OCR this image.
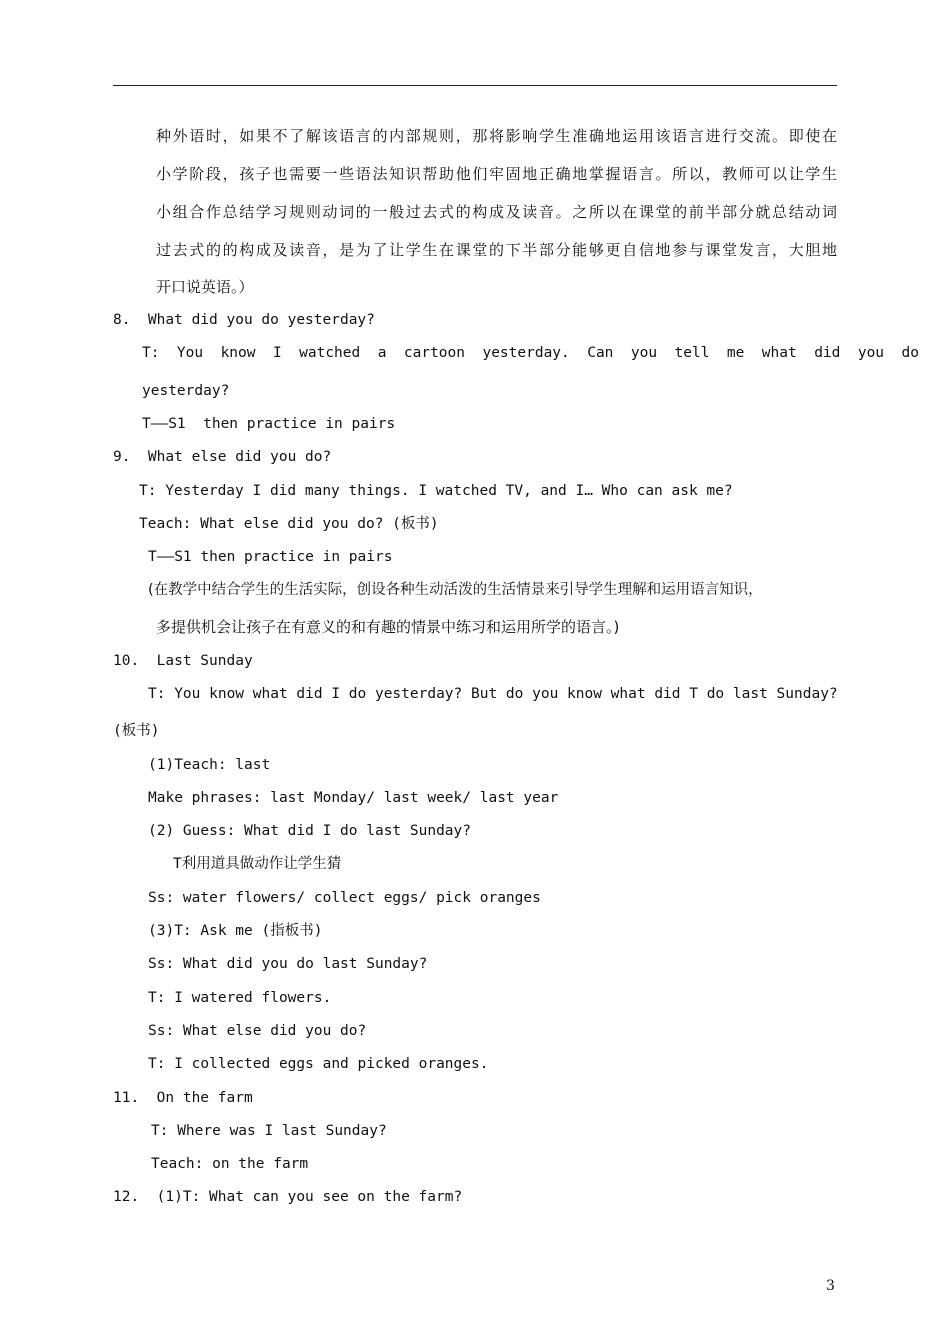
种外语时，如果不了解该语言的内部规则，那将影响学生准确地运用该语言进行交流。即使在
小学阶段，孩子也需要一些语法知识帮助他们牢固地正确地掌握语言。所以，教师可以让学生
小组合作总结学习规则动词的一般过去式的构成及读音。之所以在课堂的前半部分就总结动词
过去式的的构成及读音，是为了让学生在课堂的下半部分能够更自信地参与课堂发言，大胆地
开口说英语。）
8.  What did you do yesterday?
T:  You  know  I  watched  a  cartoon  yesterday.  Can  you  tell  me  what  did  you  do
yesterday?
T——S1  then practice in pairs
9.  What else did you do?
T: Yesterday I did many things. I watched TV, and I… Who can ask me?
Teach: What else did you do? (板书)
T——S1 then practice in pairs
(在教学中结合学生的生活实际，创设各种生动活泼的生活情景来引导学生理解和运用语言知识，
多提供机会让孩子在有意义的和有趣的情景中练习和运用所学的语言。)
10.  Last Sunday
T: You know what did I do yesterday? But do you know what did T do last Sunday?
(板书)
(1)Teach: last
Make phrases: last Monday/ last week/ last year
(2) Guess: What did I do last Sunday?
T利用道具做动作让学生猜
Ss: water flowers/ collect eggs/ pick oranges
(3)T: Ask me (指板书)
Ss: What did you do last Sunday?
T: I watered flowers.
Ss: What else did you do?
T: I collected eggs and picked oranges.
11.  On the farm
T: Where was I last Sunday?
Teach: on the farm
12.  (1)T: What can you see on the farm?
3
